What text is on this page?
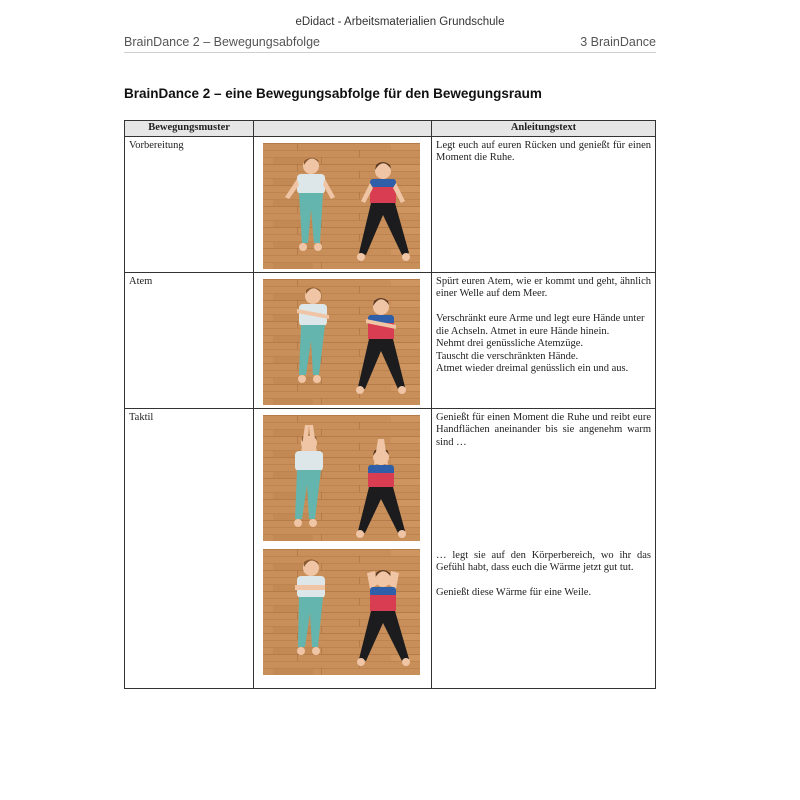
eDidact - Arbeitsmaterialien Grundschule
BrainDance 2 – Bewegungsabfolge	3 BrainDance
BrainDance 2 – eine Bewegungsabfolge für den Bewegungsraum
Bewegungsmuster		Anleitungstext
Vorbereitung		Legt euch auf euren Rücken und genießt für einen Moment die Ruhe.

Atem		Spürt euren Atem, wie er kommt und geht, ähnlich einer Welle auf dem Meer.

Verschränkt eure Arme und legt eure Hände unter die Achseln. Atmet in eure Hände hinein.
Nehmt drei genüssliche Atemzüge.
Tauscht die verschränkten Hände.
Atmet wieder dreimal genüsslich ein und aus.

Taktil		Genießt für einen Moment die Ruhe und reibt eure Handflächen aneinander bis sie angenehm warm sind …

… legt sie auf den Körperbereich, wo ihr das Gefühl habt, dass euch die Wärme jetzt gut tut.

Genießt diese Wärme für eine Weile.
